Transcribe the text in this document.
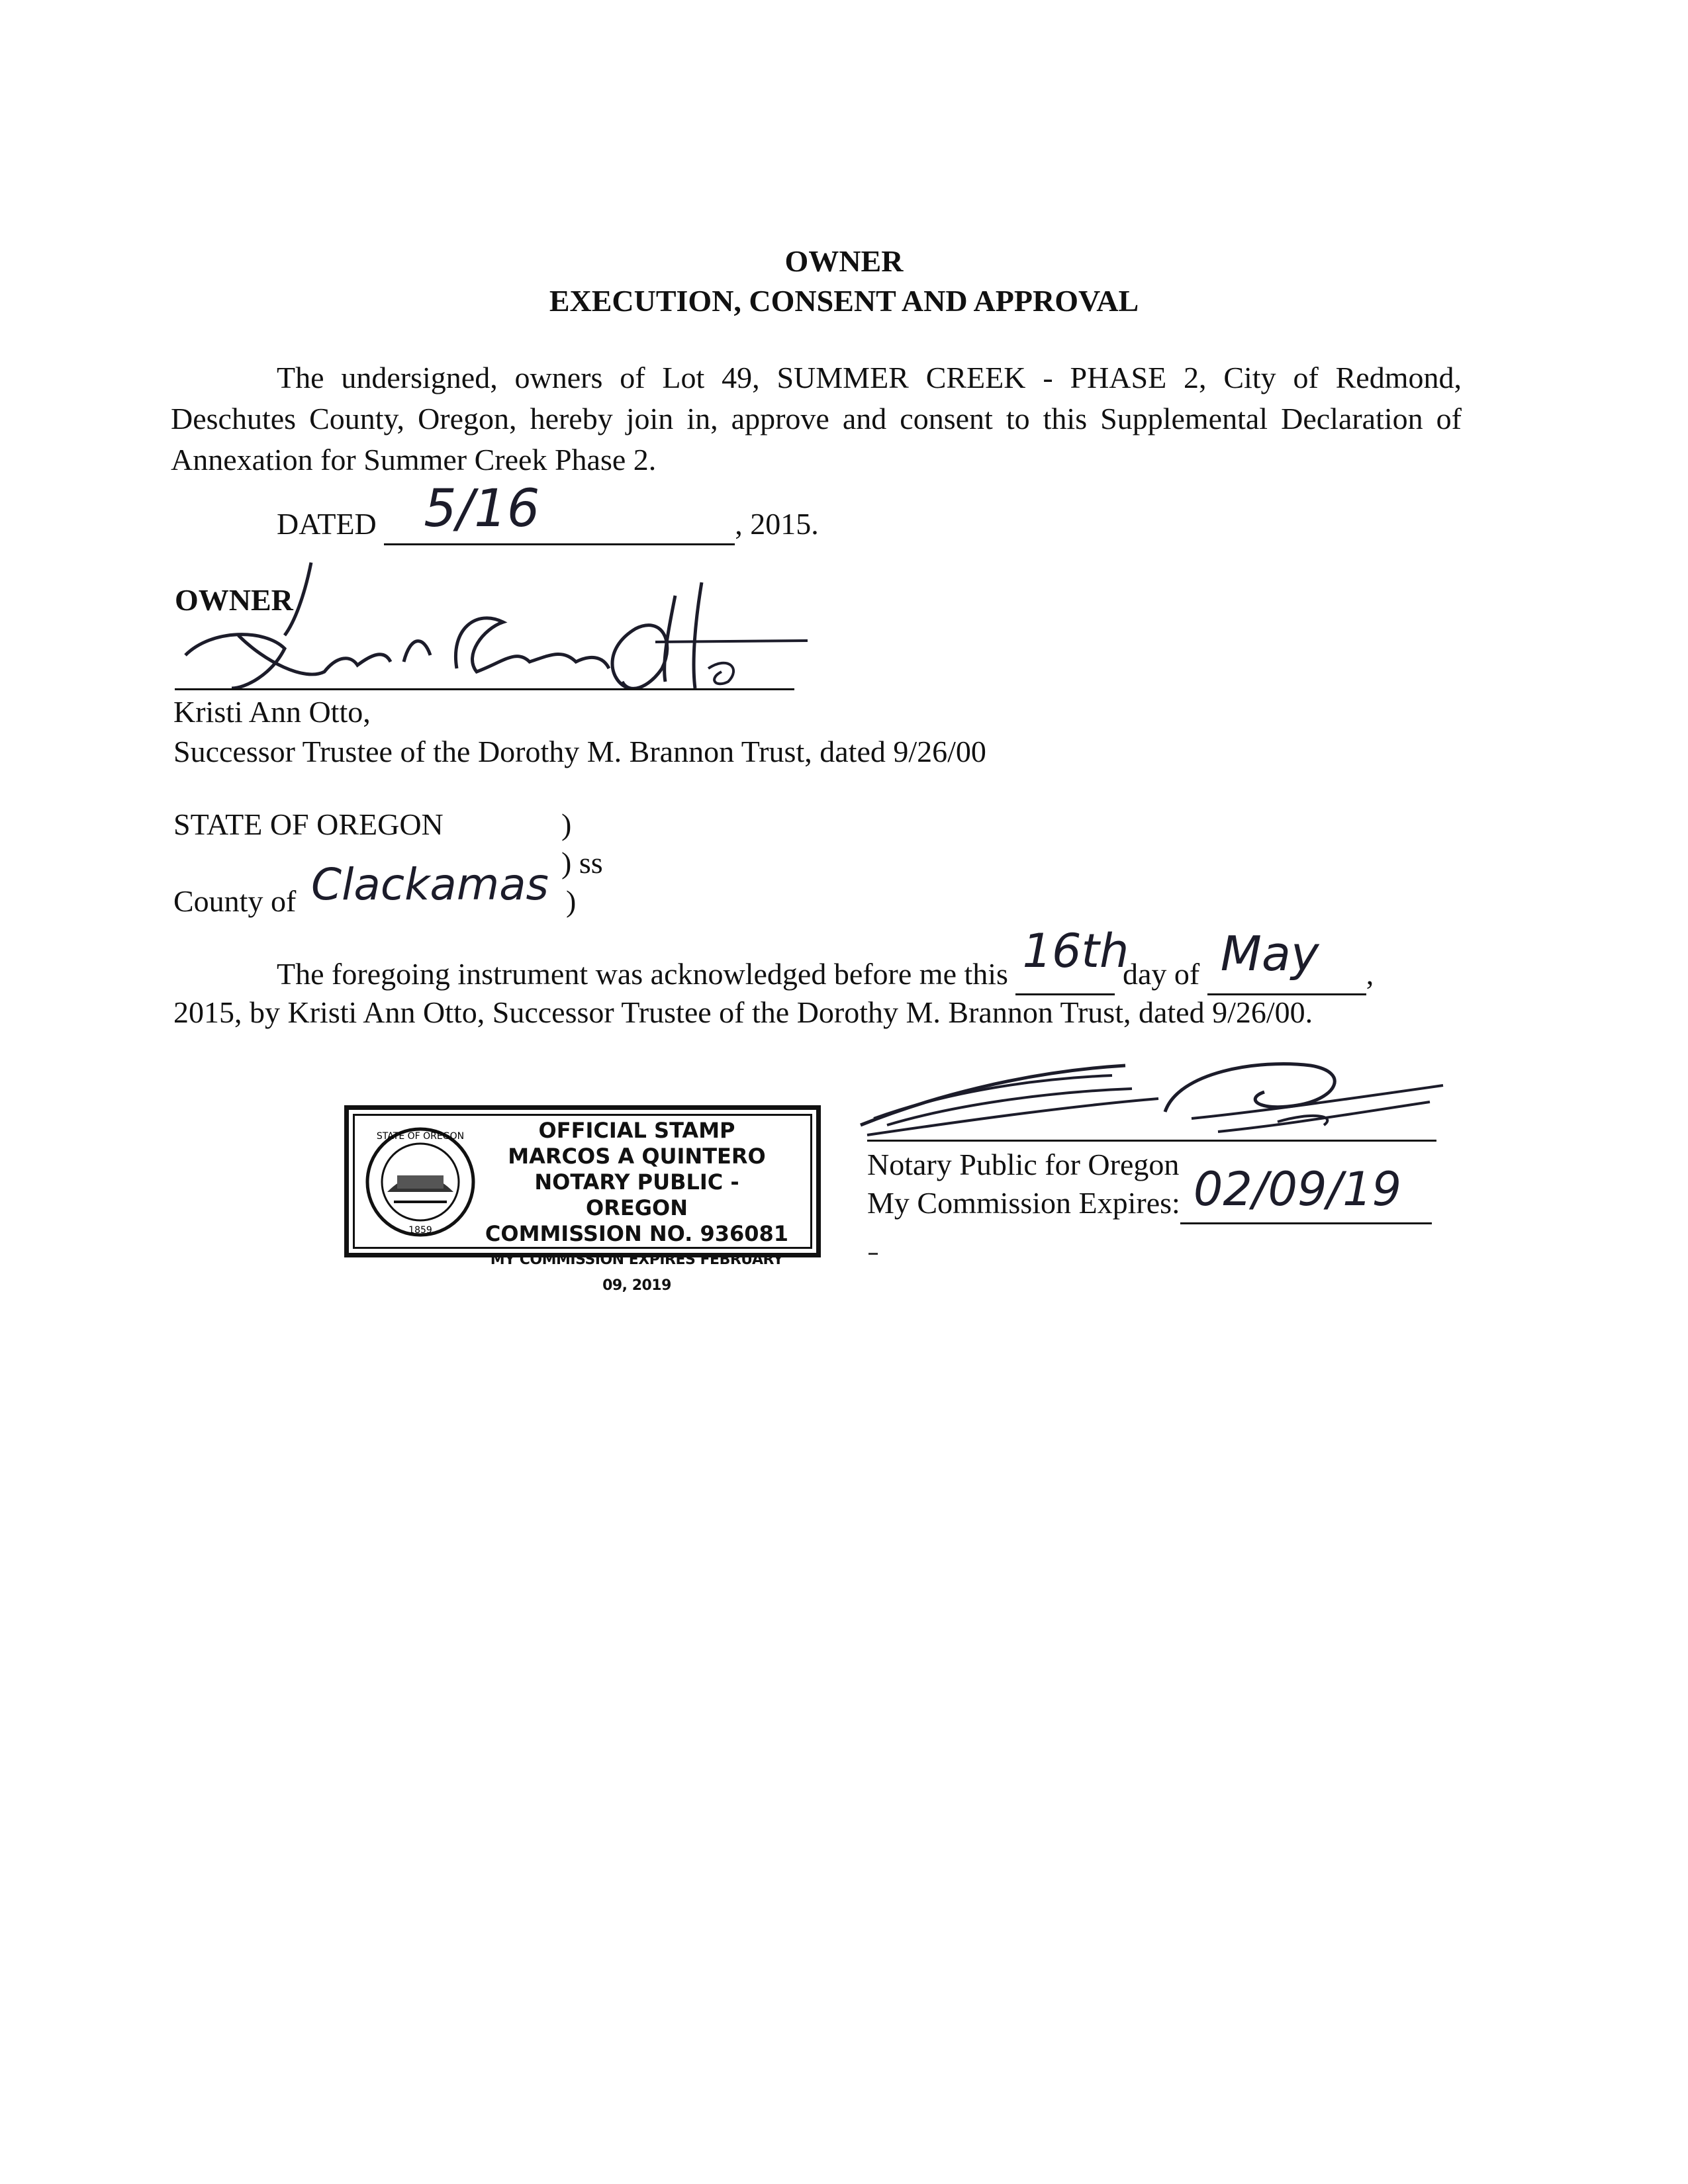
OWNER
EXECUTION, CONSENT AND APPROVAL
The undersigned, owners of Lot 49, SUMMER CREEK - PHASE 2, City of Redmond, Deschutes County, Oregon, hereby join in, approve and consent to this Supplemental Declaration of Annexation for Summer Creek Phase 2.
DATED 5/16	, 2015.
OWNER
Kristi Ann Otto,
Successor Trustee of the Dorothy M. Brannon Trust, dated 9/26/00
STATE OF OREGON	)
) ss
County of Clackamas )
The foregoing instrument was acknowledged before me this 16th
day of May ,
2015, by Kristi Ann Otto, Successor Trustee of the Dorothy M. Brannon Trust, dated 9/26/00.
STATE OF OREGON
1859
OFFICIAL STAMP
MARCOS A QUINTERO
NOTARY PUBLIC - OREGON
COMMISSION NO. 936081
MY COMMISSION EXPIRES FEBRUARY 09, 2019
Notary Public for Oregon
My Commission Expires: 02/09/19
